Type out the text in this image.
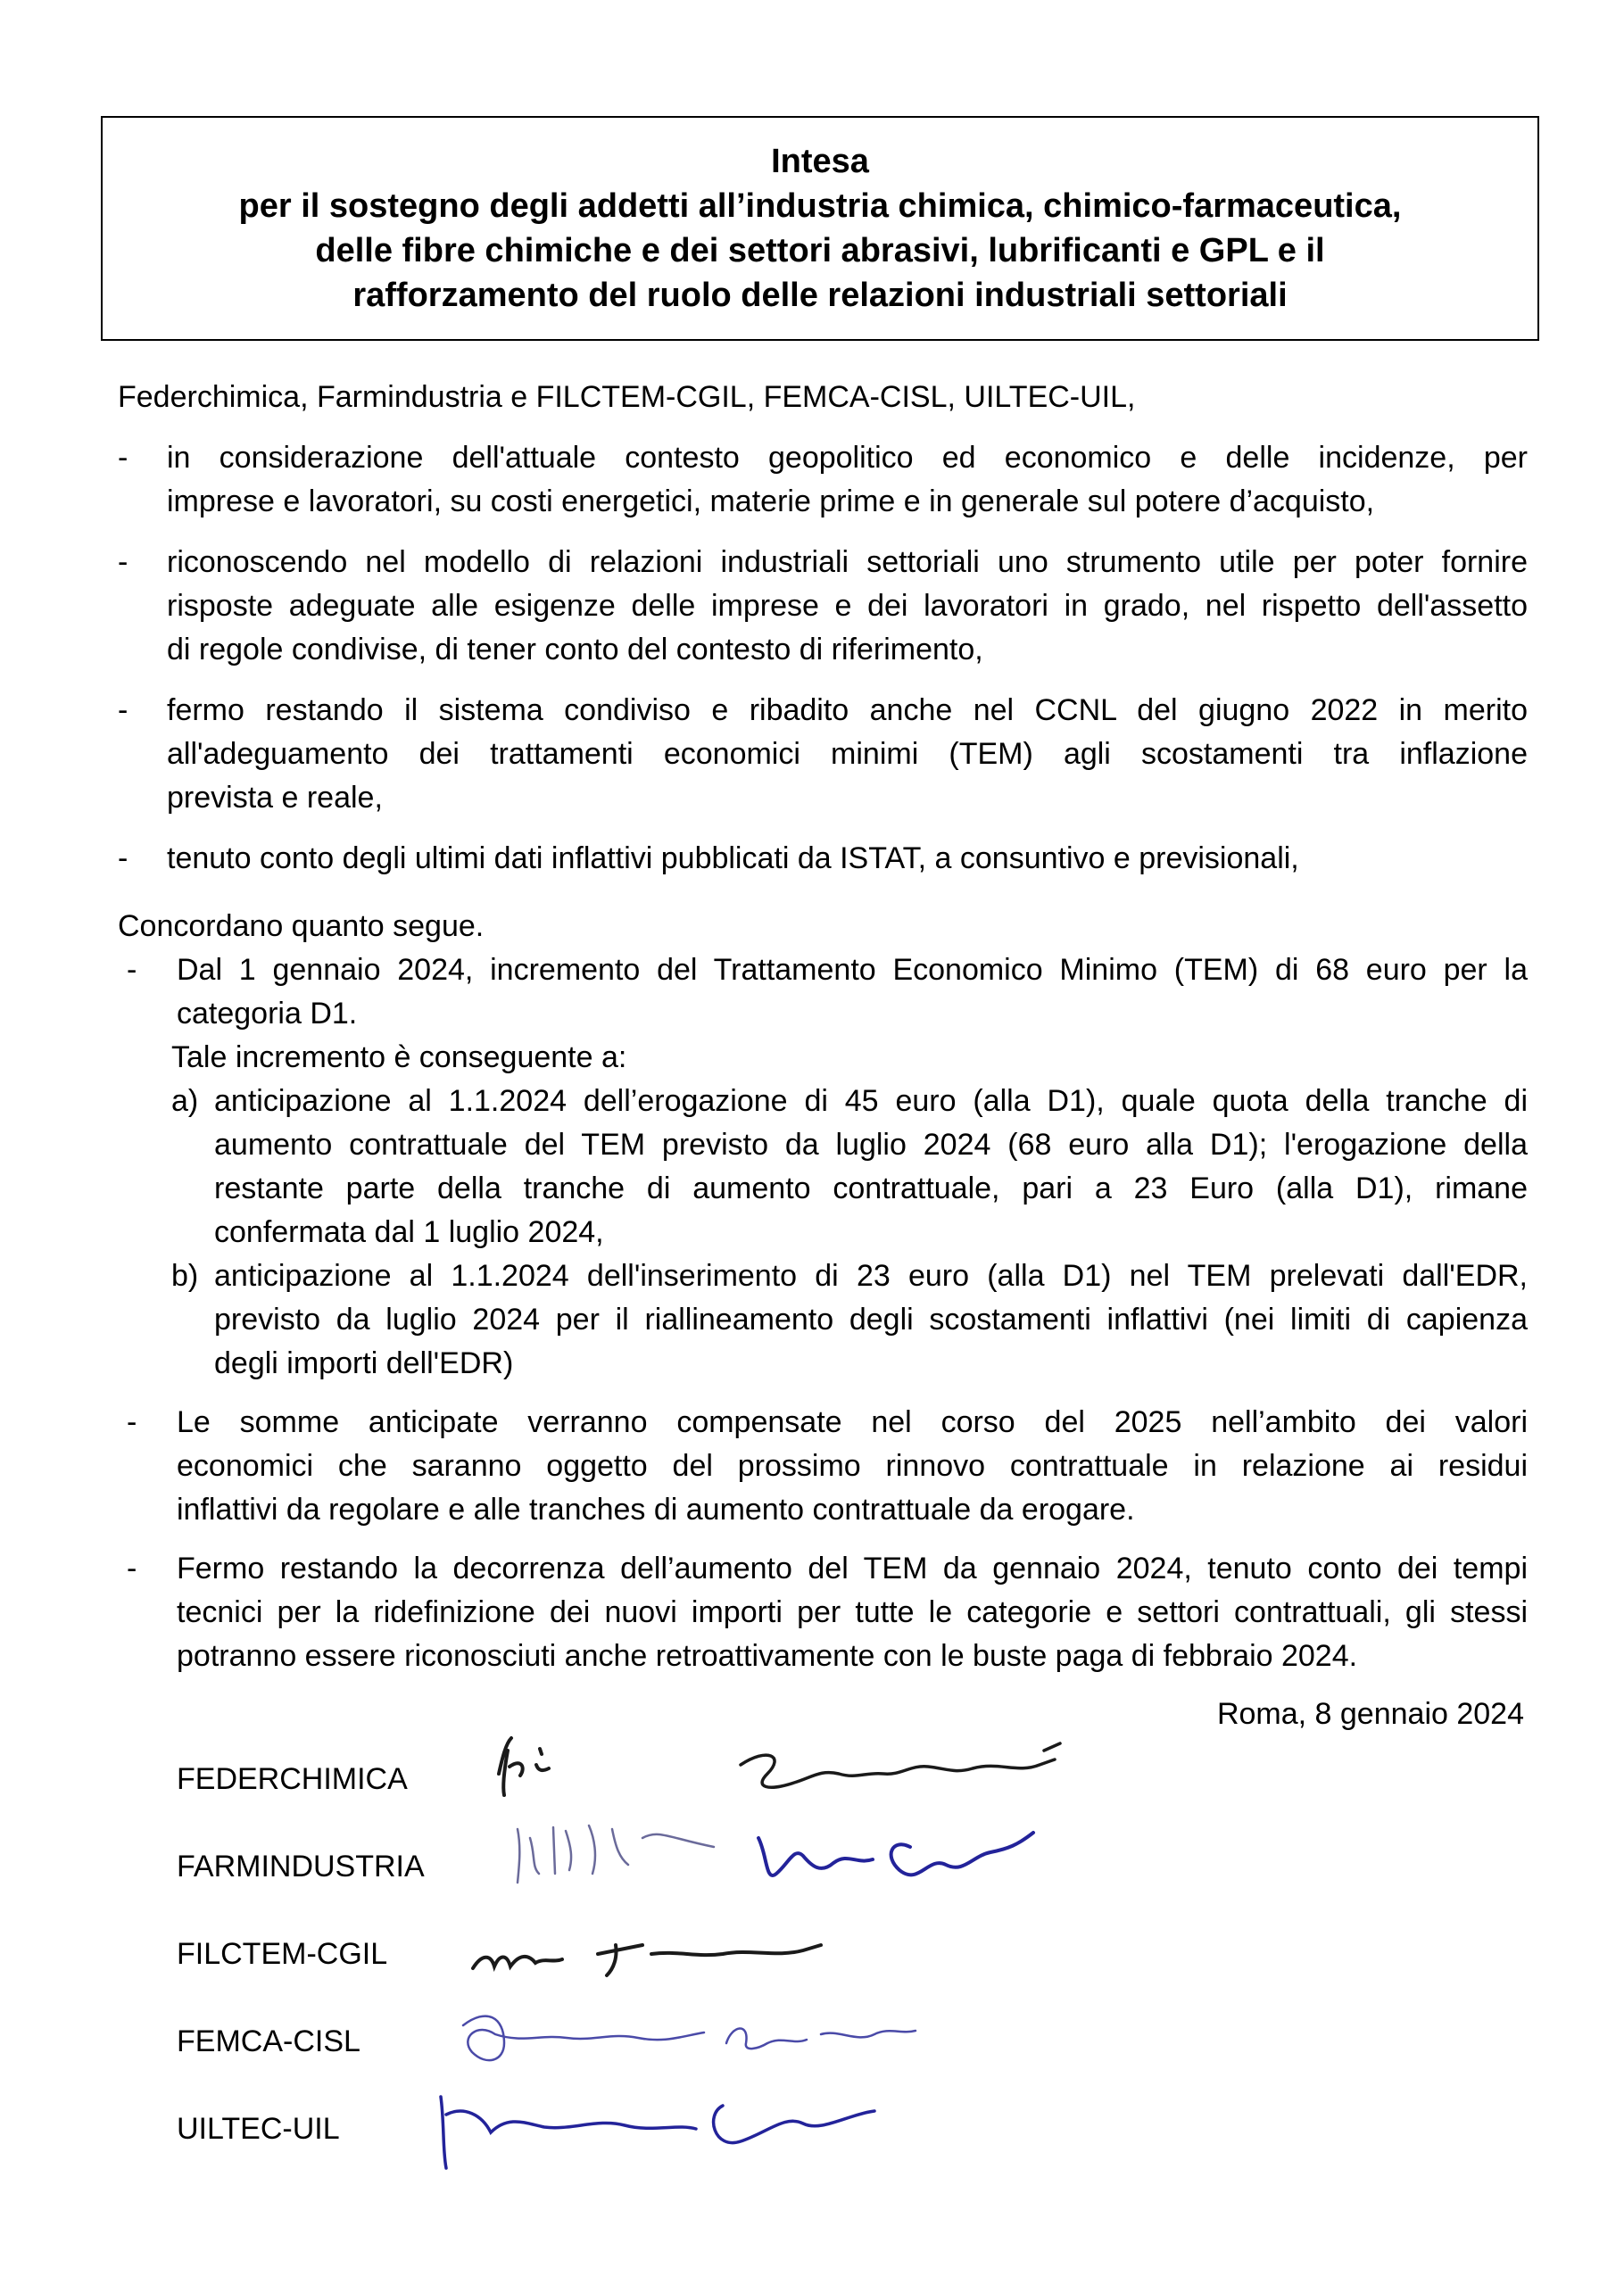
Intesa
per il sostegno degli addetti all’industria chimica, chimico-farmaceutica,
delle fibre chimiche e dei settori abrasivi, lubrificanti e GPL e il
rafforzamento del ruolo delle relazioni industriali settoriali
Federchimica, Farmindustria e FILCTEM-CGIL, FEMCA-CISL, UILTEC-UIL,
- in considerazione dell'attuale contesto geopolitico ed economico e delle incidenze, per
imprese e lavoratori, su costi energetici, materie prime e in generale sul potere d’acquisto,
- riconoscendo nel modello di relazioni industriali settoriali uno strumento utile per poter fornire
risposte adeguate alle esigenze delle imprese e dei lavoratori in grado, nel rispetto dell'assetto
di regole condivise, di tener conto del contesto di riferimento,
- fermo restando il sistema condiviso e ribadito anche nel CCNL del giugno 2022 in merito
all'adeguamento dei trattamenti economici minimi (TEM) agli scostamenti tra inflazione
prevista e reale,
- tenuto conto degli ultimi dati inflattivi pubblicati da ISTAT, a consuntivo e previsionali,
Concordano quanto segue.
- Dal 1 gennaio 2024, incremento del Trattamento Economico Minimo (TEM) di 68 euro per la
categoria D1.
Tale incremento è conseguente a:
a) anticipazione al 1.1.2024 dell’erogazione di 45 euro (alla D1), quale quota della tranche di
aumento contrattuale del TEM previsto da luglio 2024 (68 euro alla D1); l'erogazione della
restante parte della tranche di aumento contrattuale, pari a 23 Euro (alla D1), rimane
confermata dal 1 luglio 2024,
b) anticipazione al 1.1.2024 dell'inserimento di 23 euro (alla D1) nel TEM prelevati dall'EDR,
previsto da luglio 2024 per il riallineamento degli scostamenti inflattivi (nei limiti di capienza
degli importi dell'EDR)
- Le somme anticipate verranno compensate nel corso del 2025 nell’ambito dei valori
economici che saranno oggetto del prossimo rinnovo contrattuale in relazione ai residui
inflattivi da regolare e alle tranches di aumento contrattuale da erogare.
- Fermo restando la decorrenza dell’aumento del TEM da gennaio 2024, tenuto conto dei tempi
tecnici per la ridefinizione dei nuovi importi per tutte le categorie e settori contrattuali, gli stessi
potranno essere riconosciuti anche retroattivamente con le buste paga di febbraio 2024.
Roma, 8 gennaio 2024
FEDERCHIMICA
FARMINDUSTRIA
FILCTEM-CGIL
FEMCA-CISL
UILTEC-UIL
